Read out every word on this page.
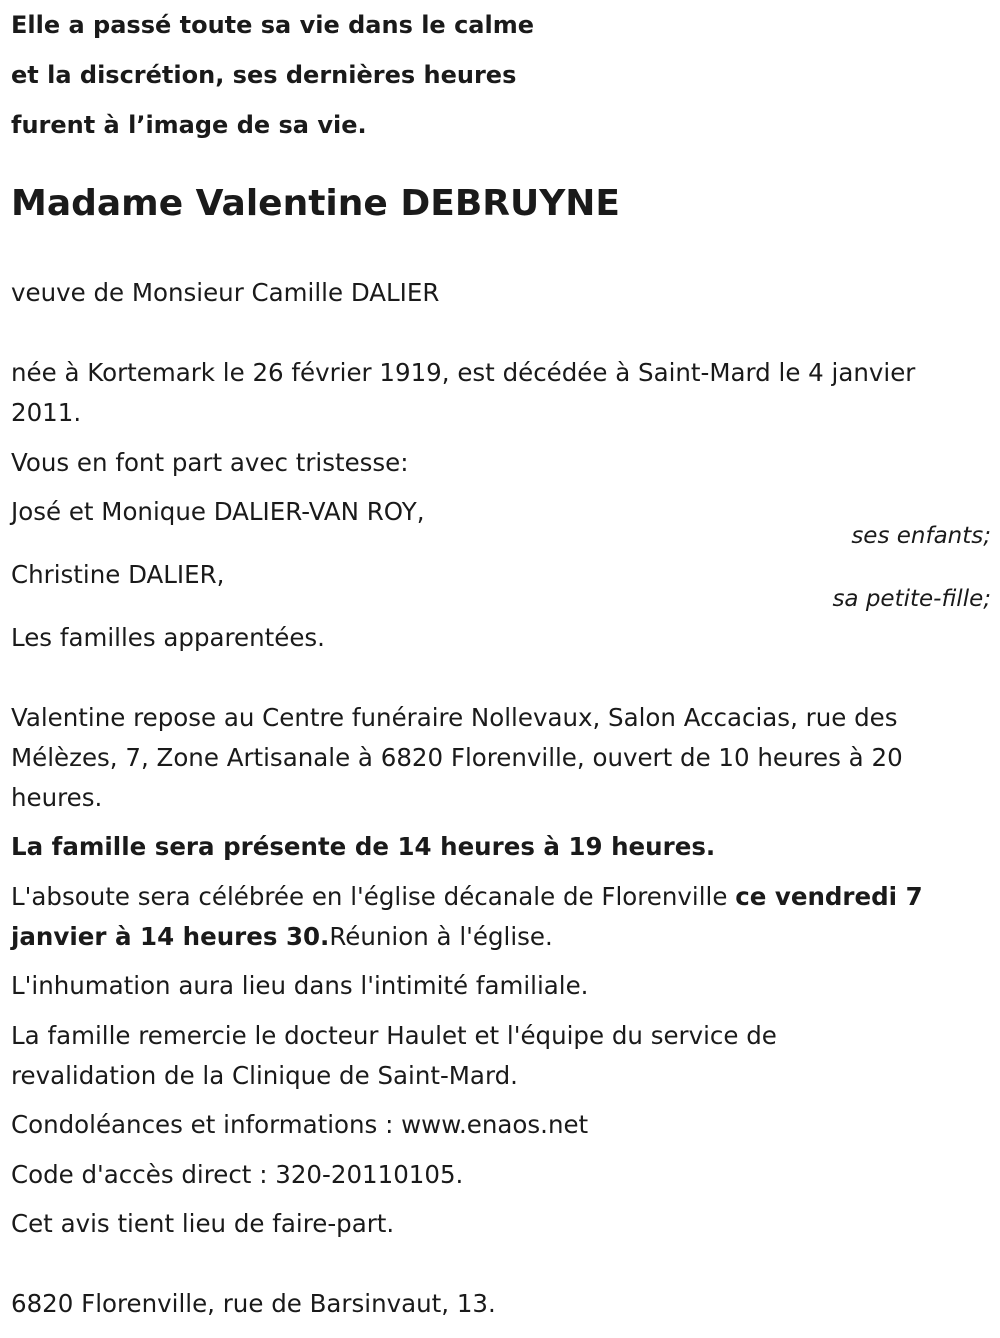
Elle a passé toute sa vie dans le calme
et la discrétion, ses dernières heures
furent à l’image de sa vie.
Madame Valentine DEBRUYNE
veuve de Monsieur Camille DALIER
née à Kortemark le 26 février 1919, est décédée à Saint-Mard le 4 janvier
2011.
Vous en font part avec tristesse:
José et Monique DALIER-VAN ROY,
ses enfants;
Christine DALIER,
sa petite-fille;
Les familles apparentées.
Valentine repose au Centre funéraire Nollevaux, Salon Accacias, rue des
Mélèzes, 7, Zone Artisanale à 6820 Florenville, ouvert de 10 heures à 20
heures.
La famille sera présente de 14 heures à 19 heures.
L'absoute sera célébrée en l'église décanale de Florenville ce vendredi 7
janvier à 14 heures 30.Réunion à l'église.
L'inhumation aura lieu dans l'intimité familiale.
La famille remercie le docteur Haulet et l'équipe du service de
revalidation de la Clinique de Saint-Mard.
Condoléances et informations : www.enaos.net
Code d'accès direct : 320-20110105.
Cet avis tient lieu de faire-part.
6820 Florenville, rue de Barsinvaut, 13.
